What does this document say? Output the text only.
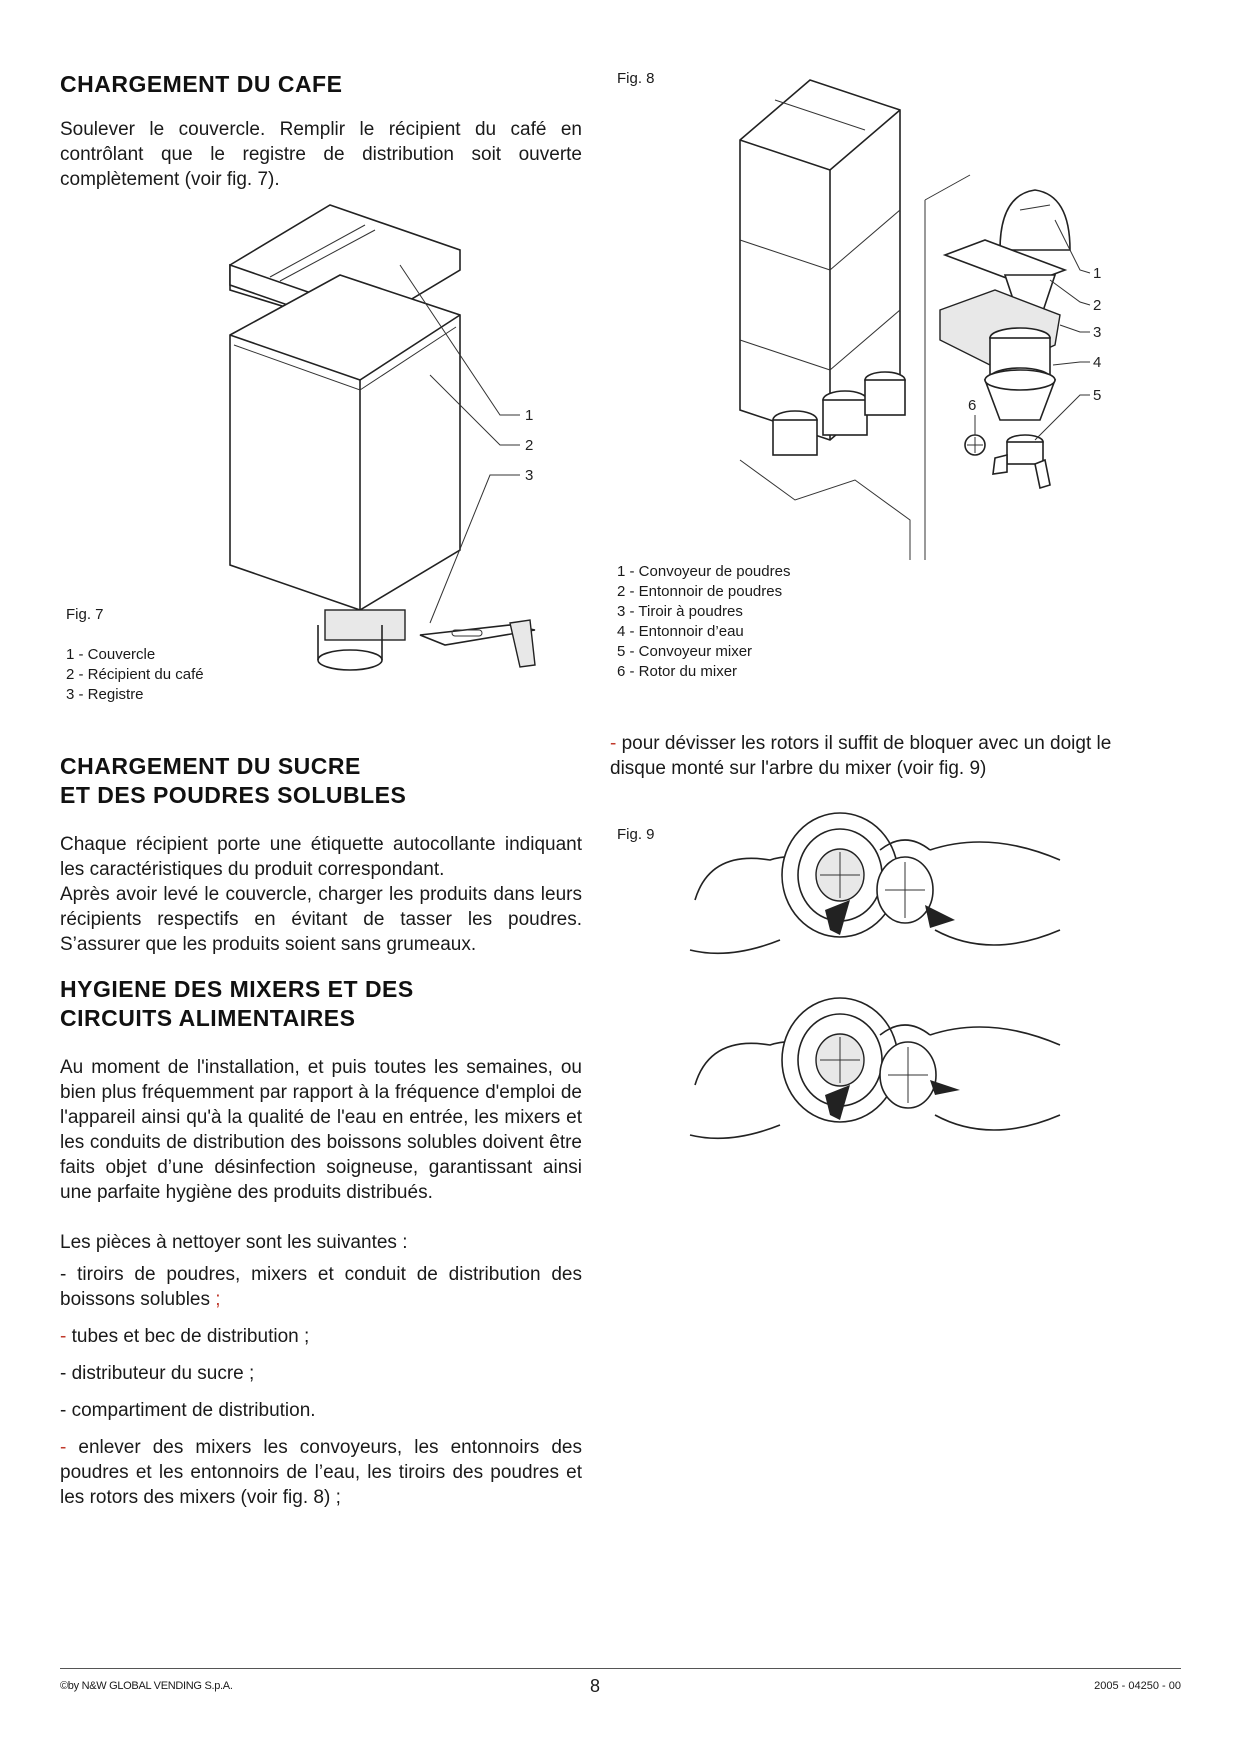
CHARGEMENT DU CAFE

Soulever le couvercle. Remplir le récipient du café en contrôlant que le registre de distribution soit ouverte complètement (voir fig. 7).

1
2
3
Fig. 7
1 - Couvercle
2 - Récipient du café
3 - Registre
CHARGEMENT DU SUCRE
ET DES POUDRES SOLUBLES

Chaque récipient porte une étiquette autocollante indiquant les caractéristiques du produit correspondant.

Après avoir levé le couvercle, charger les produits dans leurs récipients respectifs en évitant de tasser les poudres. S’assurer que les produits soient sans grumeaux.

HYGIENE DES MIXERS ET DES
CIRCUITS ALIMENTAIRES

Au moment de l'installation, et puis toutes les semaines, ou bien plus fréquemment par rapport à la fréquence d'emploi de l'appareil ainsi qu'à la qualité de l'eau en entrée, les mixers et les conduits de distribution des boissons solubles doivent être faits objet d’une désinfection soigneuse, garantissant ainsi une parfaite hygiène des produits distribués.

Les pièces à nettoyer sont les suivantes :

- tiroirs de poudres, mixers et conduit de distribution des boissons solubles ;
- tubes et bec de distribution ;
- distributeur du sucre ;
- compartiment de distribution.
- enlever des mixers les convoyeurs, les entonnoirs des poudres et les entonnoirs de l’eau, les tiroirs des poudres et les rotors des mixers (voir fig. 8) ;
Fig. 8
1
2
3
4
5
6
1 - Convoyeur de poudres
2 - Entonnoir de poudres
3 - Tiroir à poudres
4 - Entonnoir d’eau
5 - Convoyeur mixer
6 - Rotor du mixer
- pour dévisser les rotors il suffit de bloquer avec un doigt le disque monté sur l'arbre du mixer (voir fig. 9)
Fig. 9
©by N&W GLOBAL VENDING S.p.A.	8	2005 - 04250 - 00
